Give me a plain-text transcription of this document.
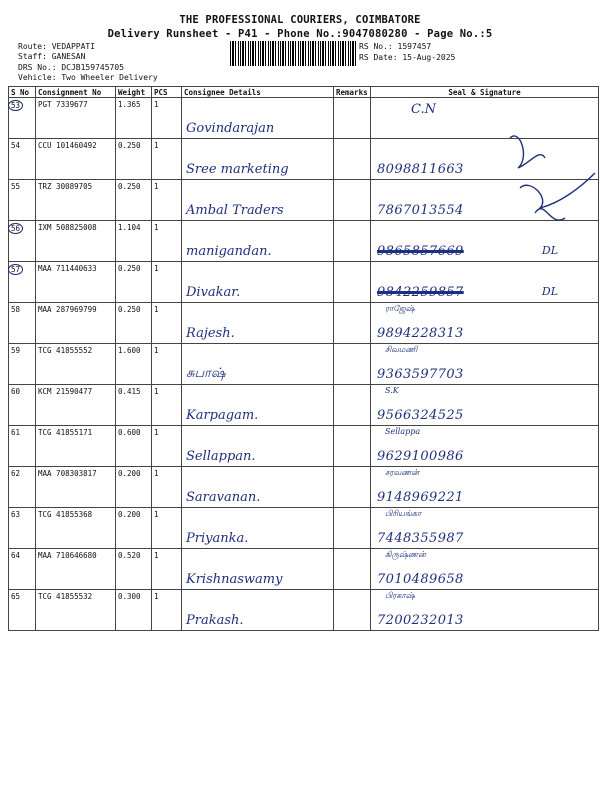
THE PROFESSIONAL COURIERS, COIMBATORE
Delivery Runsheet - P41 - Phone No.:9047080280 - Page No.:5
Route: VEDAPPATI
Staff: GANESAN
DRS No.: DCJB159745705
Vehicle: Two Wheeler Delivery
RS No.: 1597457
RS Date: 15-Aug-2025
S No	Consignment No	Weight	PCS	Consignee Details	Remarks	Seal & Signature
53	PGT 7339677	1.365	1	Govindarajan		C.N

54	CCU 101460492	0.250	1	Sree marketing		8098811663

55	TRZ 30089705	0.250	1	Ambal Traders		7867013554

56	IXM 508825008	1.104	1	manigandan.		DL
9865857669

57	MAA 711440633	0.250	1	Divakar.		DL
9842259857

58	MAA 287969799	0.250	1	Rajesh.		ராஜேஷ்
9894228313

59	TCG 41855552	1.600	1	சுபாஷ்		சிவமணி
9363597703

60	KCM 21590477	0.415	1	Karpagam.		S.K
9566324525

61	TCG 41855171	0.600	1	Sellappan.		Sellappa
9629100986

62	MAA 708303817	0.200	1	Saravanan.		சரவணன்
9148969221

63	TCG 41855368	0.200	1	Priyanka.		பிரியங்கா
7448355987

64	MAA 710646680	0.520	1	Krishnaswamy		கிருஷ்ணன்
7010489658

65	TCG 41855532	0.300	1	Prakash.		பிரகாஷ்
7200232013
